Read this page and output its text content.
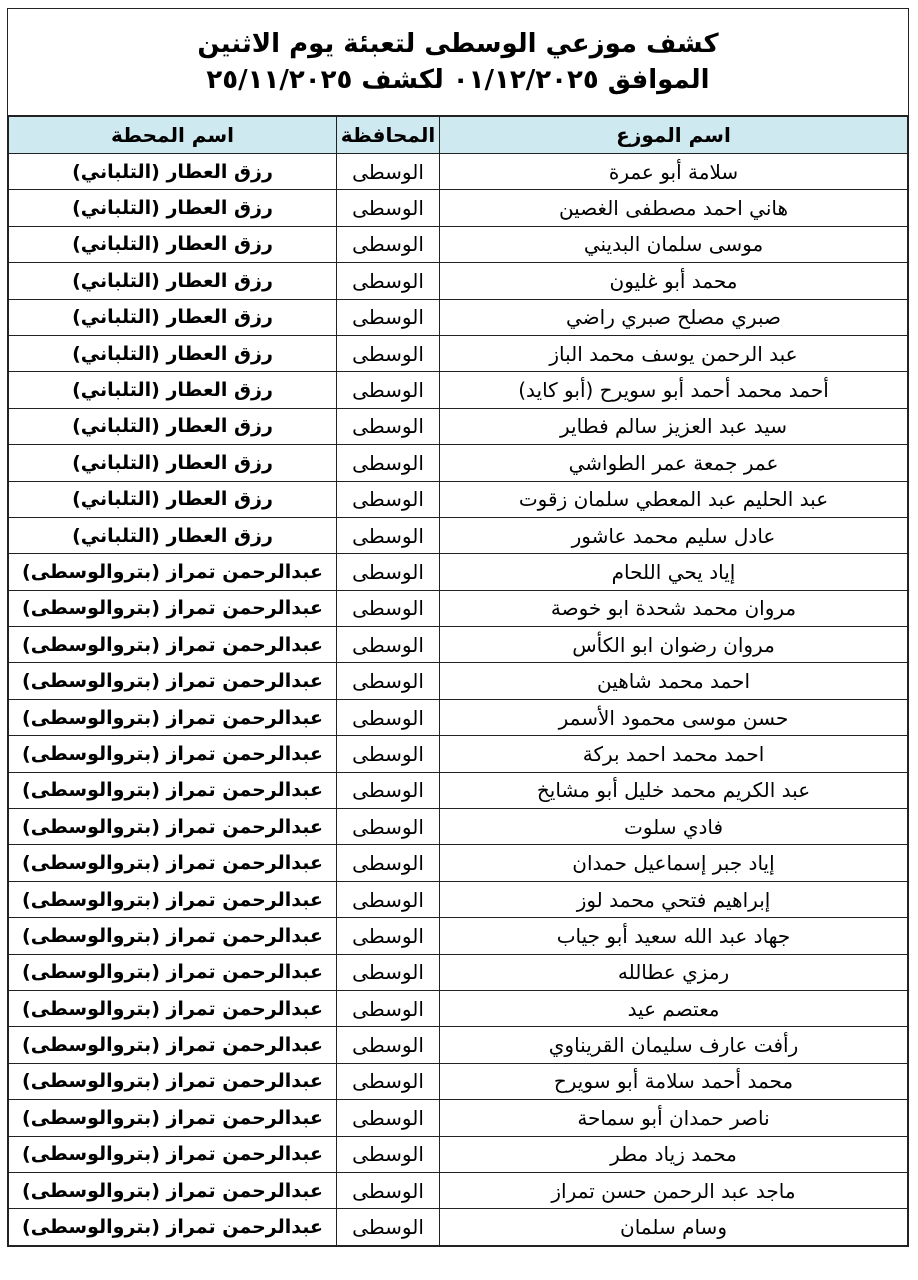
كشف موزعي الوسطى لتعبئة يوم الاثنين
الموافق ٠١/١٢/٢٠٢٥ لكشف ٢٥/١١/٢٠٢٥
اسم الموزع	المحافظة	اسم المحطة
سلامة أبو عمرة	الوسطى	رزق العطار (التلباني)
هاني احمد مصطفى الغصين	الوسطى	رزق العطار (التلباني)
موسى سلمان البديني	الوسطى	رزق العطار (التلباني)
محمد أبو غليون	الوسطى	رزق العطار (التلباني)
صبري مصلح صبري راضي	الوسطى	رزق العطار (التلباني)
عبد الرحمن يوسف محمد الباز	الوسطى	رزق العطار (التلباني)
أحمد محمد أحمد أبو سويرح (أبو كايد)	الوسطى	رزق العطار (التلباني)
سيد عبد العزيز سالم فطاير	الوسطى	رزق العطار (التلباني)
عمر جمعة عمر الطواشي	الوسطى	رزق العطار (التلباني)
عبد الحليم عبد المعطي سلمان زقوت	الوسطى	رزق العطار (التلباني)
عادل سليم محمد عاشور	الوسطى	رزق العطار (التلباني)
إياد يحي اللحام	الوسطى	عبدالرحمن تمراز (بتروالوسطى)
مروان محمد شحدة ابو خوصة	الوسطى	عبدالرحمن تمراز (بتروالوسطى)
مروان رضوان ابو الكأس	الوسطى	عبدالرحمن تمراز (بتروالوسطى)
احمد محمد شاهين	الوسطى	عبدالرحمن تمراز (بتروالوسطى)
حسن موسى محمود الأسمر	الوسطى	عبدالرحمن تمراز (بتروالوسطى)
احمد محمد احمد بركة	الوسطى	عبدالرحمن تمراز (بتروالوسطى)
عبد الكريم محمد خليل أبو مشايخ	الوسطى	عبدالرحمن تمراز (بتروالوسطى)
فادي سلوت	الوسطى	عبدالرحمن تمراز (بتروالوسطى)
إياد جبر إسماعيل حمدان	الوسطى	عبدالرحمن تمراز (بتروالوسطى)
إبراهيم فتحي محمد لوز	الوسطى	عبدالرحمن تمراز (بتروالوسطى)
جهاد عبد الله سعيد أبو جياب	الوسطى	عبدالرحمن تمراز (بتروالوسطى)
رمزي عطالله	الوسطى	عبدالرحمن تمراز (بتروالوسطى)
معتصم عيد	الوسطى	عبدالرحمن تمراز (بتروالوسطى)
رأفت عارف سليمان القريناوي	الوسطى	عبدالرحمن تمراز (بتروالوسطى)
محمد أحمد سلامة أبو سويرح	الوسطى	عبدالرحمن تمراز (بتروالوسطى)
ناصر حمدان أبو سماحة	الوسطى	عبدالرحمن تمراز (بتروالوسطى)
محمد زياد مطر	الوسطى	عبدالرحمن تمراز (بتروالوسطى)
ماجد عبد الرحمن حسن تمراز	الوسطى	عبدالرحمن تمراز (بتروالوسطى)
وسام سلمان	الوسطى	عبدالرحمن تمراز (بتروالوسطى)
